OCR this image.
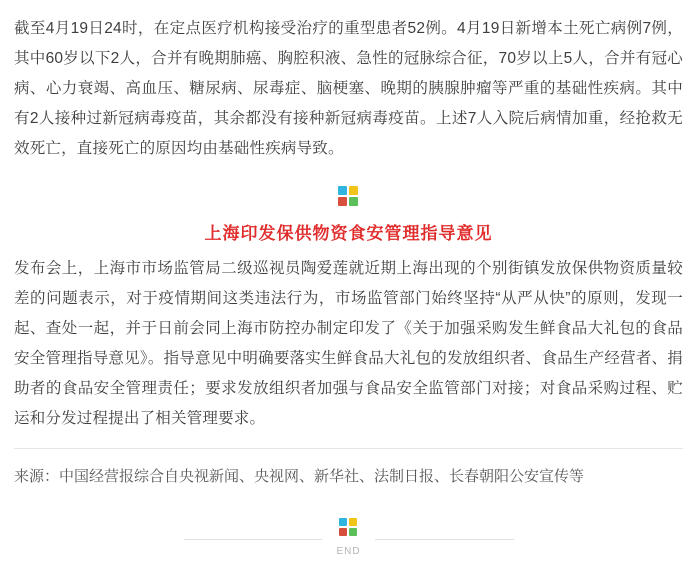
截至4月19日24时，在定点医疗机构接受治疗的重型患者52例。4月19日新增本土死亡病例7例，其中60岁以下2人，合并有晚期肺癌、胸腔积液、急性的冠脉综合征，70岁以上5人，合并有冠心病、心力衰竭、高血压、糖尿病、尿毒症、脑梗塞、晚期的胰腺肿瘤等严重的基础性疾病。其中有2人接种过新冠病毒疫苗，其余都没有接种新冠病毒疫苗。上述7人入院后病情加重，经抢救无效死亡，直接死亡的原因均由基础性疾病导致。

上海印发保供物资食安管理指导意见

发布会上，上海市市场监管局二级巡视员陶爱莲就近期上海出现的个别街镇发放保供物资质量较差的问题表示，对于疫情期间这类违法行为，市场监管部门始终坚持“从严从快”的原则，发现一起、查处一起，并于日前会同上海市防控办制定印发了《关于加强采购发生鲜食品大礼包的食品安全管理指导意见》。指导意见中明确要落实生鲜食品大礼包的发放组织者、食品生产经营者、捐助者的食品安全管理责任；要求发放组织者加强与食品安全监管部门对接；对食品采购过程、贮运和分发过程提出了相关管理要求。

来源：中国经营报综合自央视新闻、央视网、新华社、法制日报、长春朝阳公安宣传等

END
